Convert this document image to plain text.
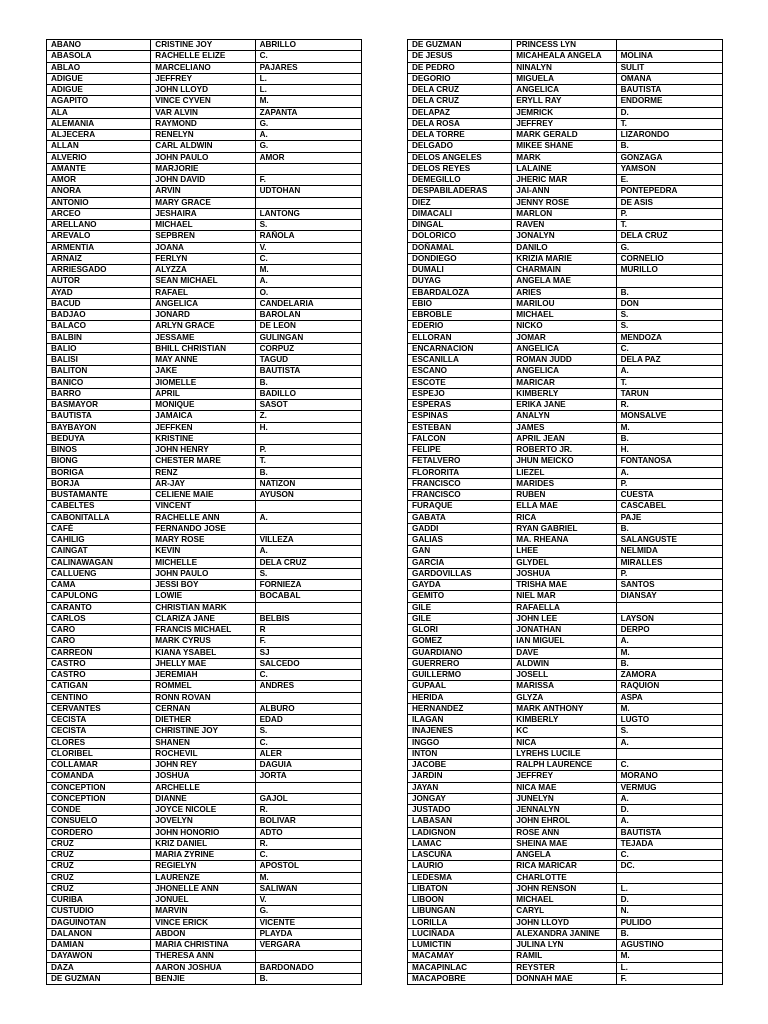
ABANO	CRISTINE JOY	ABRILLO
ABASOLA	RACHELLE ELIZE	C.
ABLAO	MARCELIANO	PAJARES
ADIGUE	JEFFREY	L.
ADIGUE	JOHN LLOYD	L.
AGAPITO	VINCE CYVEN	M.
ALA	VAR ALVIN	ZAPANTA
ALEMANIA	RAYMOND	G.
ALJECERA	RENELYN	A.
ALLAN	CARL ALDWIN	G.
ALVERIO	JOHN PAULO	AMOR
AMANTE	MARJORIE	
AMOR	JOHN DAVID	F.
ANORA	ARVIN	UDTOHAN
ANTONIO	MARY GRACE	
ARCEO	JESHAIRA	LANTONG
ARELLANO	MICHAEL	S.
AREVALO	SEPBREN	RAÑOLA
ARMENTIA	JOANA	V.
ARNAIZ	FERLYN	C.
ARRIESGADO	ALYZZA	M.
AUTOR	SEAN MICHAEL	A.
AYAD	RAFAEL	O.
BACUD	ANGELICA	CANDELARIA
BADJAO	JONARD	BAROLAN
BALACO	ARLYN GRACE	DE LEON
BALBIN	JESSAME	GULINGAN
BALIO	BHILL CHRISTIAN	CORPUZ
BALISI	MAY ANNE	TAGUD
BALITON	JAKE	BAUTISTA
BANICO	JIOMELLE	B.
BARRO	APRIL	BADILLO
BASMAYOR	MONIQUE	SASOT
BAUTISTA	JAMAICA	Z.
BAYBAYON	JEFFKEN	H.
BEDUYA	KRISTINE	
BINOS	JOHN HENRY	P.
BIONG	CHESTER MARE	T.
BORIGA	RENZ	B.
BORJA	AR-JAY	NATIZON
BUSTAMANTE	CELIENE MAIE	AYUSON
CABELTES	VINCENT	
CABONITALLA	RACHELLE ANN	A.
CAFÉ	FERNANDO JOSE	
CAHILIG	MARY ROSE	VILLEZA
CAINGAT	KEVIN	A.
CALINAWAGAN	MICHELLE	DELA CRUZ
CALLUENG	JOHN PAULO	S.
CAMA	JESSI BOY	FORNIEZA
CAPULONG	LOWIE	BOCABAL
CARANTO	CHRISTIAN MARK	
CARLOS	CLARIZA JANE	BELBIS
CARO	FRANCIS MICHAEL	R
CARO	MARK CYRUS	F.
CARREON	KIANA YSABEL	SJ
CASTRO	JHELLY MAE	SALCEDO
CASTRO	JEREMIAH	C.
CATIGAN	ROMMEL	ANDRES
CENTINO	RONN ROVAN	
CERVANTES	CERNAN	ALBURO
CECISTA	DIETHER	EDAD
CECISTA	CHRISTINE JOY	S.
CLORES	SHANEN	C.
CLORIBEL	ROCHEVIL	ALER
COLLAMAR	JOHN REY	DAGUIA
COMANDA	JOSHUA	JORTA
CONCEPTION	ARCHELLE	
CONCEPTION	DIANNE	GAJOL
CONDE	JOYCE NICOLE	R.
CONSUELO	JOVELYN	BOLIVAR
CORDERO	JOHN HONORIO	ADTO
CRUZ	KRIZ DANIEL	R.
CRUZ	MARIA ZYRINE	C.
CRUZ	REGIELYN	APOSTOL
CRUZ	LAURENZE	M.
CRUZ	JHONELLE ANN	SALIWAN
CURIBA	JONUEL	V.
CUSTUDIO	MARVIN	G.
DAGUINOTAN	VINCE ERICK	VICENTE
DALANON	ABDON	PLAYDA
DAMIAN	MARIA CHRISTINA	VERGARA
DAYAWON	THERESA ANN	
DAZA	AARON JOSHUA	BARDONADO
DE GUZMAN	BENJIE	B.
DE GUZMAN	PRINCESS LYN	
DE JESUS	MICAHEALA ANGELA	MOLINA
DE PEDRO	NINALYN	SULIT
DEGORIO	MIGUELA	OMANA
DELA CRUZ	ANGELICA	BAUTISTA
DELA CRUZ	ERYLL RAY	ENDORME
DELAPAZ	JEMRICK	D.
DELA ROSA	JEFFREY	T.
DELA TORRE	MARK GERALD	LIZARONDO
DELGADO	MIKEE SHANE	B.
DELOS ANGELES	MARK	GONZAGA
DELOS REYES	LALAINE	YAMSON
DEMEGILLO	JHERIC MAR	E.
DESPABILADERAS	JAI-ANN	PONTEPEDRA
DIEZ	JENNY ROSE	DE ASIS
DIMACALI	MARLON	P.
DINGAL	RAVEN	T.
DOLORICO	JONALYN	DELA CRUZ
DOÑAMAL	DANILO	G.
DONDIEGO	KRIZIA MARIE	CORNELIO
DUMALI	CHARMAIN	MURILLO
DUYAG	ANGELA MAE	
EBARDALOZA	ARIES	B.
EBIO	MARILOU	DON
EBROBLE	MICHAEL	S.
EDERIO	NICKO	S.
ELLORAN	JOMAR	MENDOZA
ENCARNACION	ANGELICA	C.
ESCANILLA	ROMAN JUDD	DELA PAZ
ESCANO	ANGELICA	A.
ESCOTE	MARICAR	T.
ESPEJO	KIMBERLY	TARUN
ESPERAS	ERIKA JANE	R.
ESPINAS	ANALYN	MONSALVE
ESTEBAN	JAMES	M.
FALCON	APRIL JEAN	B.
FELIPE	ROBERTO JR.	H.
FETALVERO	JHUN MEICKO	FONTANOSA
FLORORITA	LIEZEL	A.
FRANCISCO	MARIDES	P.
FRANCISCO	RUBEN	CUESTA
FURAQUE	ELLA MAE	CASCABEL
GABATA	RICA	PAJE
GADDI	RYAN GABRIEL	B.
GALIAS	MA. RHEANA	SALANGUSTE
GAN	LHEE	NELMIDA
GARCIA	GLYDEL	MIRALLES
GARDOVILLAS	JOSHUA	P.
GAYDA	TRISHA MAE	SANTOS
GEMITO	NIEL MAR	DIANSAY
GILE	RAFAELLA	
GILE	JOHN LEE	LAYSON
GLORI	JONATHAN	DERPO
GOMEZ	IAN MIGUEL	A.
GUARDIANO	DAVE	M.
GUERRERO	ALDWIN	B.
GUILLERMO	JOSELL	ZAMORA
GUPAAL	MARISSA	RAQUION
HERIDA	GLYZA	ASPA
HERNANDEZ	MARK ANTHONY	M.
ILAGAN	KIMBERLY	LUGTO
INAJENES	KC	S.
INGGO	NICA	A.
INTON	LYREHS LUCILE	
JACOBE	RALPH LAURENCE	C.
JARDIN	JEFFREY	MORANO
JAYAN	NICA MAE	VERMUG
JONGAY	JUNELYN	A.
JUSTADO	JENNALYN	D.
LABASAN	JOHN EHROL	A.
LADIGNON	ROSE ANN	BAUTISTA
LAMAC	SHEINA MAE	TEJADA
LASCUÑA	ANGELA	C.
LAURIO	RICA MARICAR	DC.
LEDESMA	CHARLOTTE	
LIBATON	JOHN RENSON	L.
LIBOON	MICHAEL	D.
LIBUNGAN	CARYL	N.
LORILLA	JOHN LLOYD	PULIDO
LUCIÑADA	ALEXANDRA JANINE	B.
LUMICTIN	JULINA LYN	AGUSTINO
MACAMAY	RAMIL	M.
MACAPINLAC	REYSTER	L.
MACAPOBRE	DONNAH MAE	F.
